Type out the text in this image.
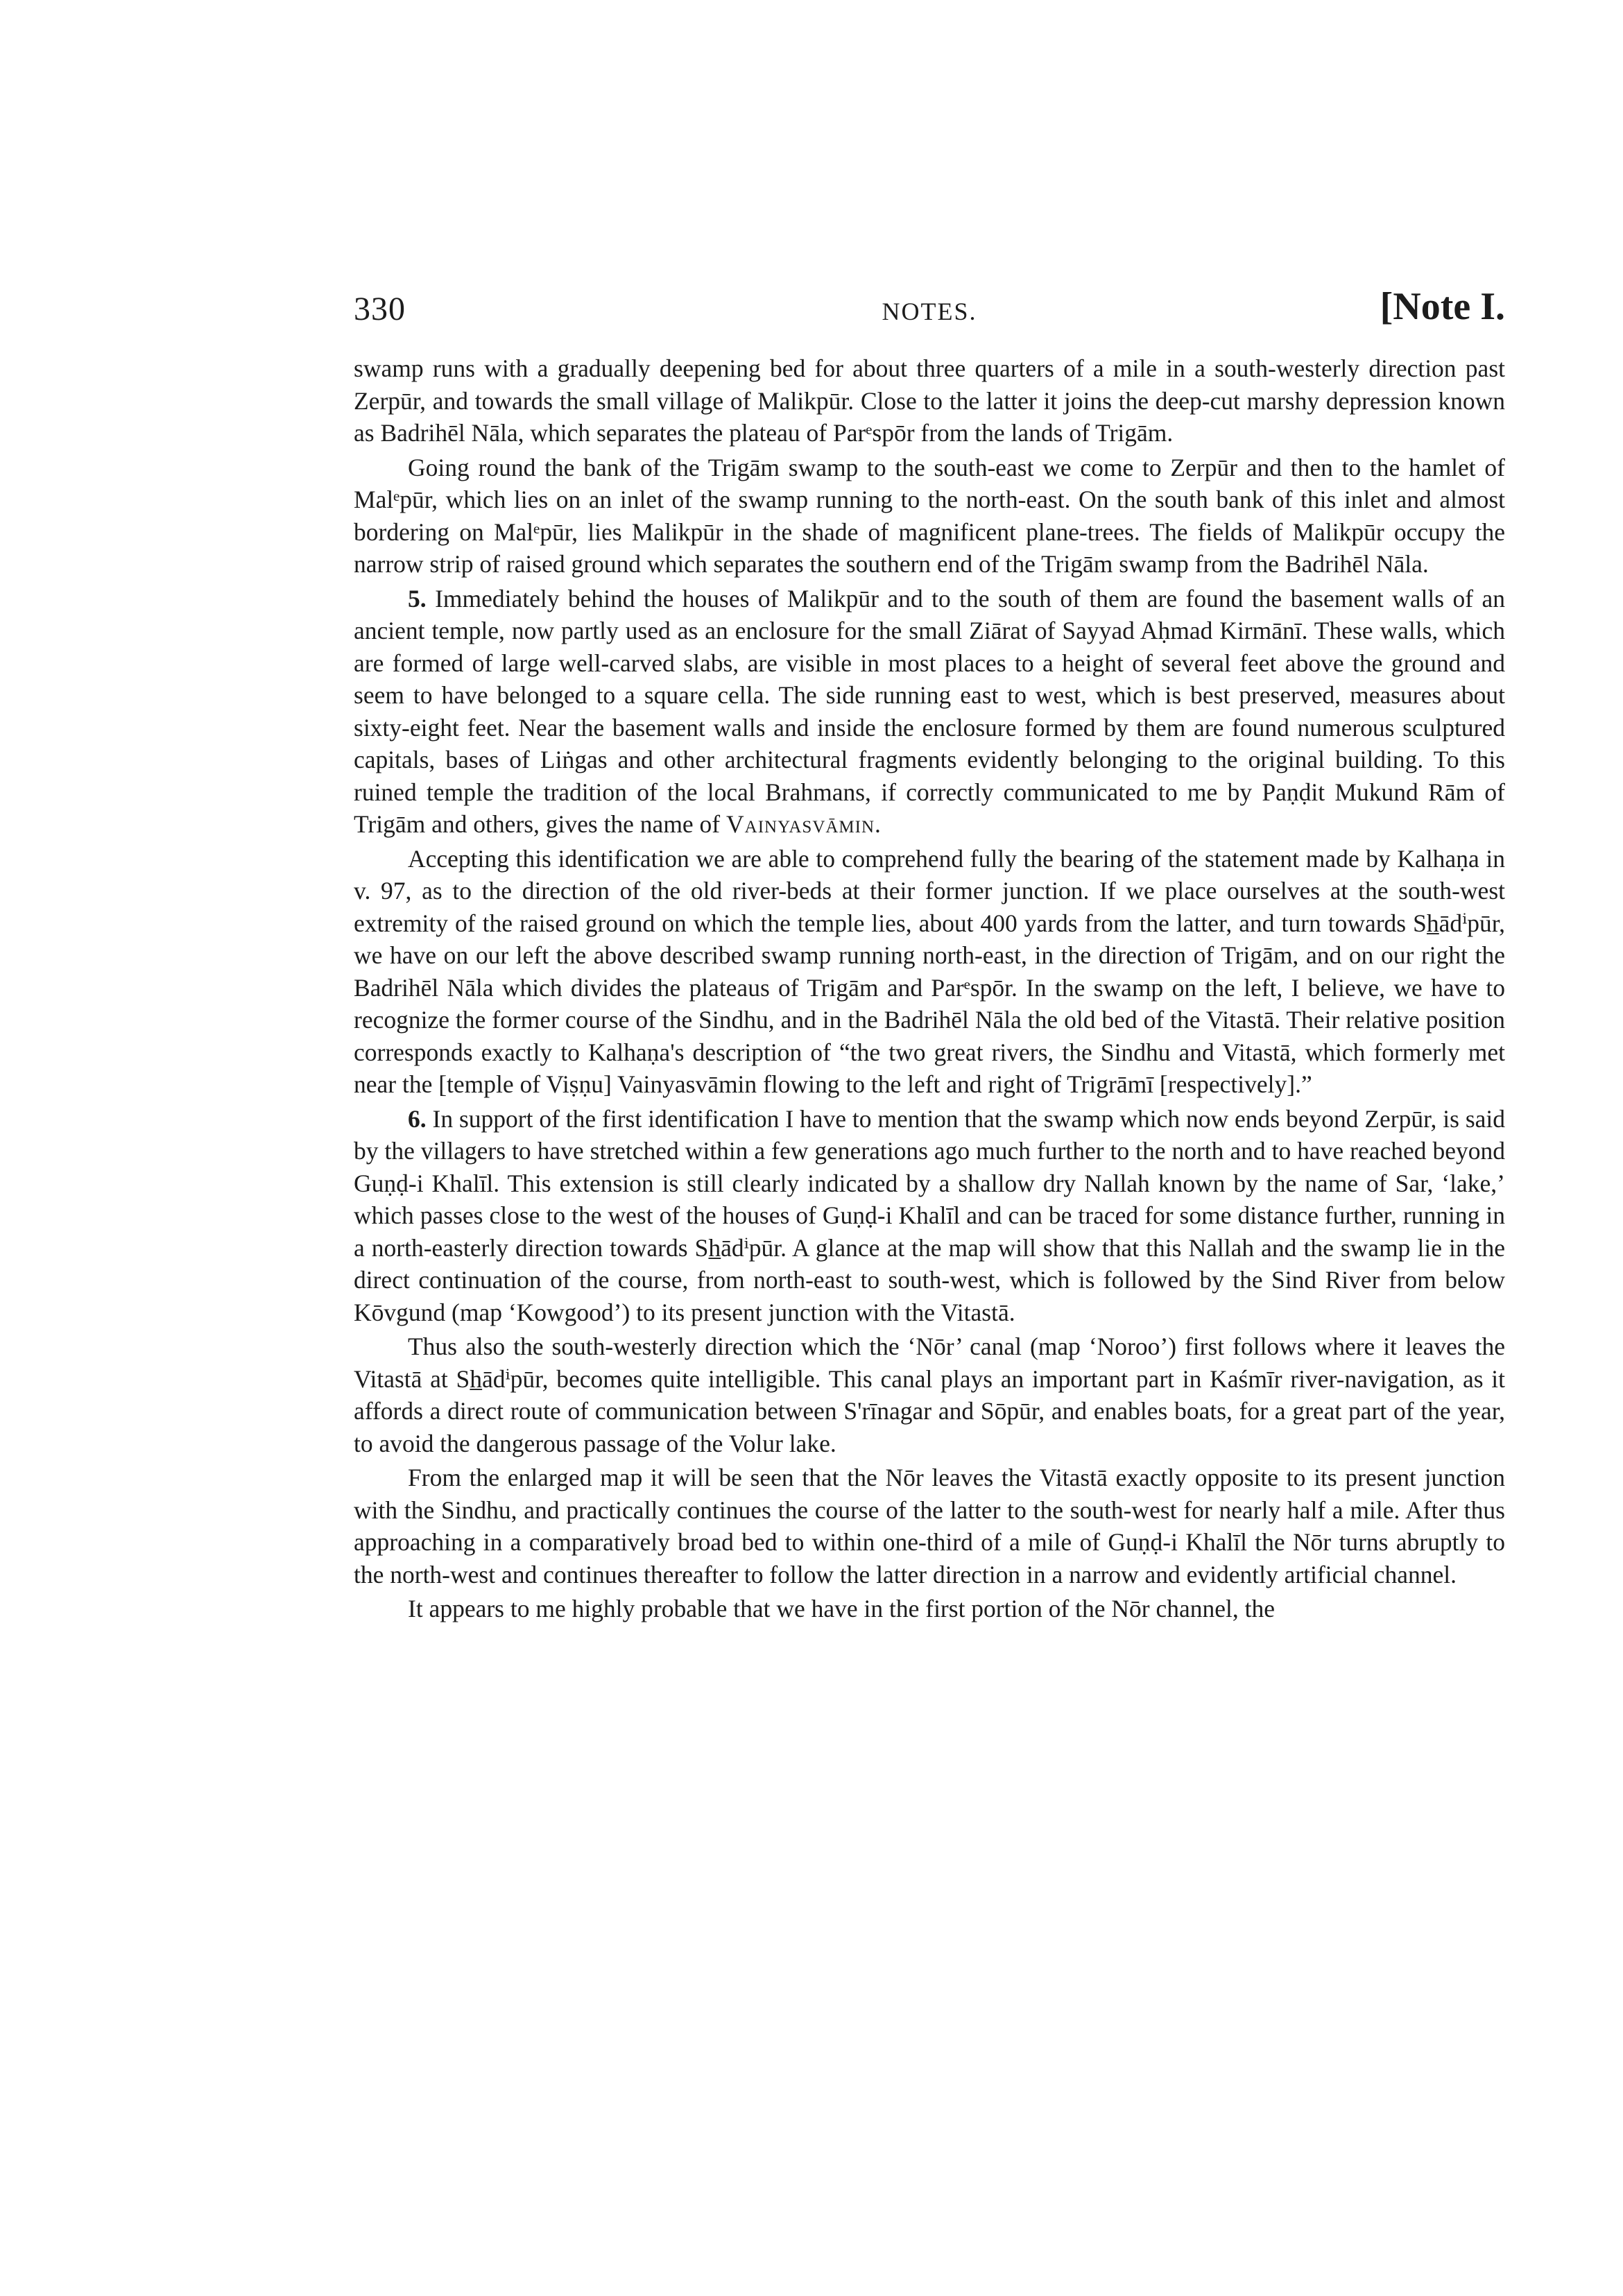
330	NOTES.	[Note I.

swamp runs with a gradually deepening bed for about three quarters of a mile in a south-westerly direction past Zerpūr, and towards the small village of Malikpūr. Close to the latter it joins the deep-cut marshy depression known as Badrihēl Nāla, which separates the plateau of Parᵉspōr from the lands of Trigām.

Going round the bank of the Trigām swamp to the south-east we come to Zerpūr and then to the hamlet of Malᵉpūr, which lies on an inlet of the swamp running to the north-east. On the south bank of this inlet and almost bordering on Malᵉpūr, lies Malikpūr in the shade of magnificent plane-trees. The fields of Malikpūr occupy the narrow strip of raised ground which separates the southern end of the Trigām swamp from the Badrihēl Nāla.

5. Immediately behind the houses of Malikpūr and to the south of them are found the basement walls of an ancient temple, now partly used as an enclosure for the small Ziārat of Sayyad Aḥmad Kirmānī. These walls, which are formed of large well-carved slabs, are visible in most places to a height of several feet above the ground and seem to have belonged to a square cella. The side running east to west, which is best preserved, measures about sixty-eight feet. Near the basement walls and inside the enclosure formed by them are found numerous sculptured capitals, bases of Liṅgas and other architectural fragments evidently belonging to the original building. To this ruined temple the tradition of the local Brahmans, if correctly communicated to me by Paṇḍit Mukund Rām of Trigām and others, gives the name of Vainyasvāmin.

Accepting this identification we are able to comprehend fully the bearing of the statement made by Kalhaṇa in v. 97, as to the direction of the old river-beds at their former junction. If we place ourselves at the south-west extremity of the raised ground on which the temple lies, about 400 yards from the latter, and turn towards Sh̲ādⁱpūr, we have on our left the above described swamp running north-east, in the direction of Trigām, and on our right the Badrihēl Nāla which divides the plateaus of Trigām and Parᵉspōr. In the swamp on the left, I believe, we have to recognize the former course of the Sindhu, and in the Badrihēl Nāla the old bed of the Vitastā. Their relative position corresponds exactly to Kalhaṇa's description of “the two great rivers, the Sindhu and Vitastā, which formerly met near the [temple of Viṣṇu] Vainyasvāmin flowing to the left and right of Trigrāmī [respectively].”

6. In support of the first identification I have to mention that the swamp which now ends beyond Zerpūr, is said by the villagers to have stretched within a few generations ago much further to the north and to have reached beyond Guṇḍ-i Khalīl. This extension is still clearly indicated by a shallow dry Nallah known by the name of Sar, ‘lake,’ which passes close to the west of the houses of Guṇḍ-i Khalīl and can be traced for some distance further, running in a north-easterly direction towards Sh̲ādⁱpūr. A glance at the map will show that this Nallah and the swamp lie in the direct continuation of the course, from north-east to south-west, which is followed by the Sind River from below Kōvgund (map ‘Kowgood’) to its present junction with the Vitastā.

Thus also the south-westerly direction which the ‘Nōr’ canal (map ‘Noroo’) first follows where it leaves the Vitastā at Sh̲ādⁱpūr, becomes quite intelligible. This canal plays an important part in Kaśmīr river-navigation, as it affords a direct route of communication between S'rīnagar and Sōpūr, and enables boats, for a great part of the year, to avoid the dangerous passage of the Volur lake.

From the enlarged map it will be seen that the Nōr leaves the Vitastā exactly opposite to its present junction with the Sindhu, and practically continues the course of the latter to the south-west for nearly half a mile. After thus approaching in a comparatively broad bed to within one-third of a mile of Guṇḍ-i Khalīl the Nōr turns abruptly to the north-west and continues thereafter to follow the latter direction in a narrow and evidently artificial channel.

It appears to me highly probable that we have in the first portion of the Nōr channel, the
